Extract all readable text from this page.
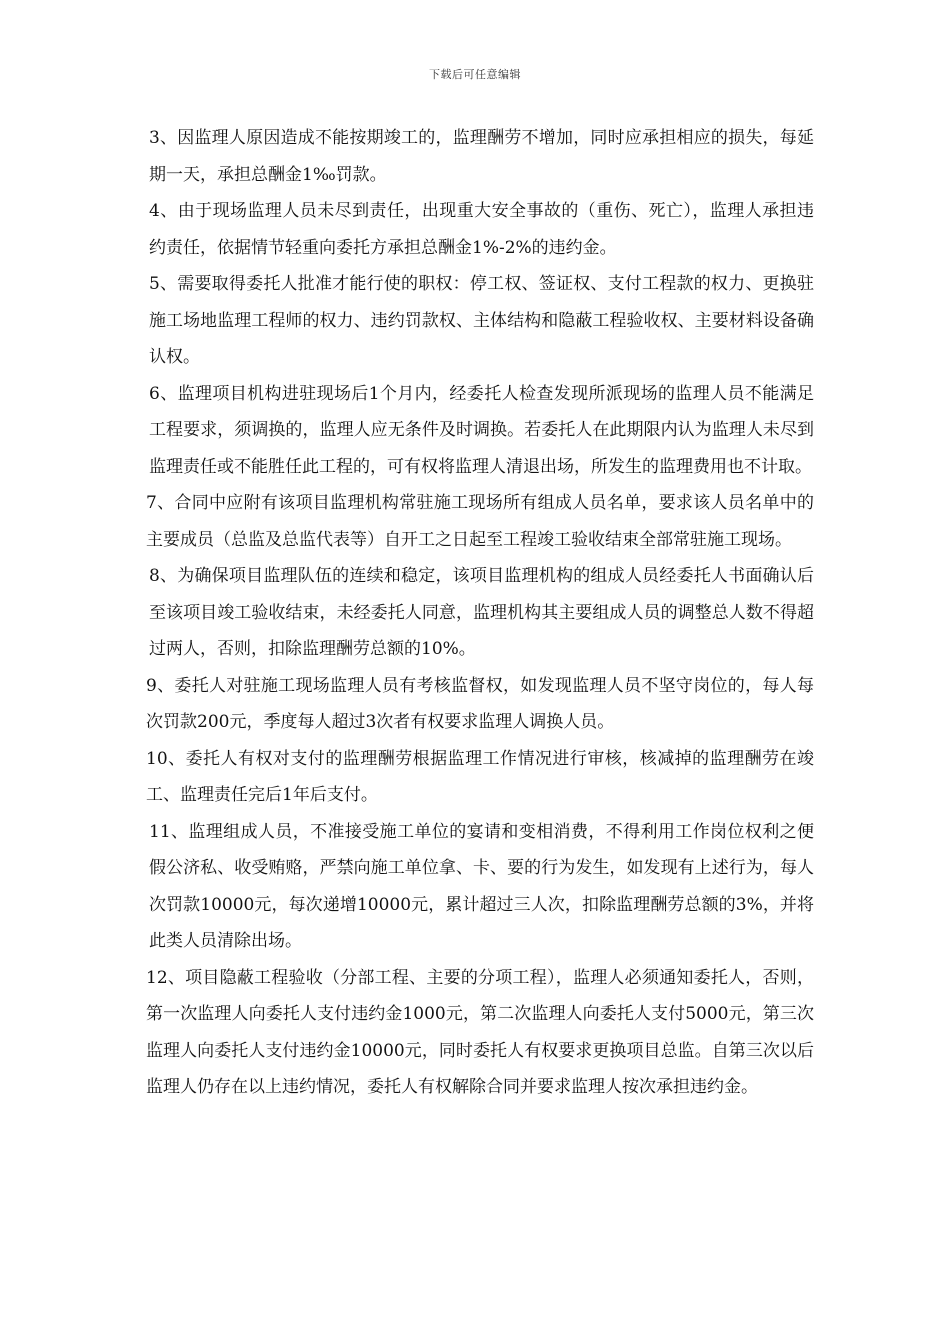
下载后可任意编辑

3、因监理人原因造成不能按期竣工的，监理酬劳不增加，同时应承担相应的损失，每延期一天，承担总酬金1‰罚款。

4、由于现场监理人员未尽到责任，出现重大安全事故的（重伤、死亡），监理人承担违约责任，依据情节轻重向委托方承担总酬金1%-2%的违约金。

5、需要取得委托人批准才能行使的职权：停工权、签证权、支付工程款的权力、更换驻施工场地监理工程师的权力、违约罚款权、主体结构和隐蔽工程验收权、主要材料设备确认权。

6、监理项目机构进驻现场后1个月内，经委托人检查发现所派现场的监理人员不能满足工程要求，须调换的，监理人应无条件及时调换。若委托人在此期限内认为监理人未尽到监理责任或不能胜任此工程的，可有权将监理人清退出场，所发生的监理费用也不计取。

7、合同中应附有该项目监理机构常驻施工现场所有组成人员名单，要求该人员名单中的主要成员（总监及总监代表等）自开工之日起至工程竣工验收结束全部常驻施工现场。

8、为确保项目监理队伍的连续和稳定，该项目监理机构的组成人员经委托人书面确认后至该项目竣工验收结束，未经委托人同意，监理机构其主要组成人员的调整总人数不得超过两人，否则，扣除监理酬劳总额的10%。

9、委托人对驻施工现场监理人员有考核监督权，如发现监理人员不坚守岗位的，每人每次罚款200元，季度每人超过3次者有权要求监理人调换人员。

10、委托人有权对支付的监理酬劳根据监理工作情况进行审核，核减掉的监理酬劳在竣工、监理责任完后1年后支付。

11、监理组成人员，不准接受施工单位的宴请和变相消费，不得利用工作岗位权利之便假公济私、收受贿赂，严禁向施工单位拿、卡、要的行为发生，如发现有上述行为，每人次罚款10000元，每次递增10000元，累计超过三人次，扣除监理酬劳总额的3%，并将此类人员清除出场。

12、项目隐蔽工程验收（分部工程、主要的分项工程），监理人必须通知委托人，否则，第一次监理人向委托人支付违约金1000元，第二次监理人向委托人支付5000元，第三次监理人向委托人支付违约金10000元，同时委托人有权要求更换项目总监。自第三次以后监理人仍存在以上违约情况，委托人有权解除合同并要求监理人按次承担违约金。
